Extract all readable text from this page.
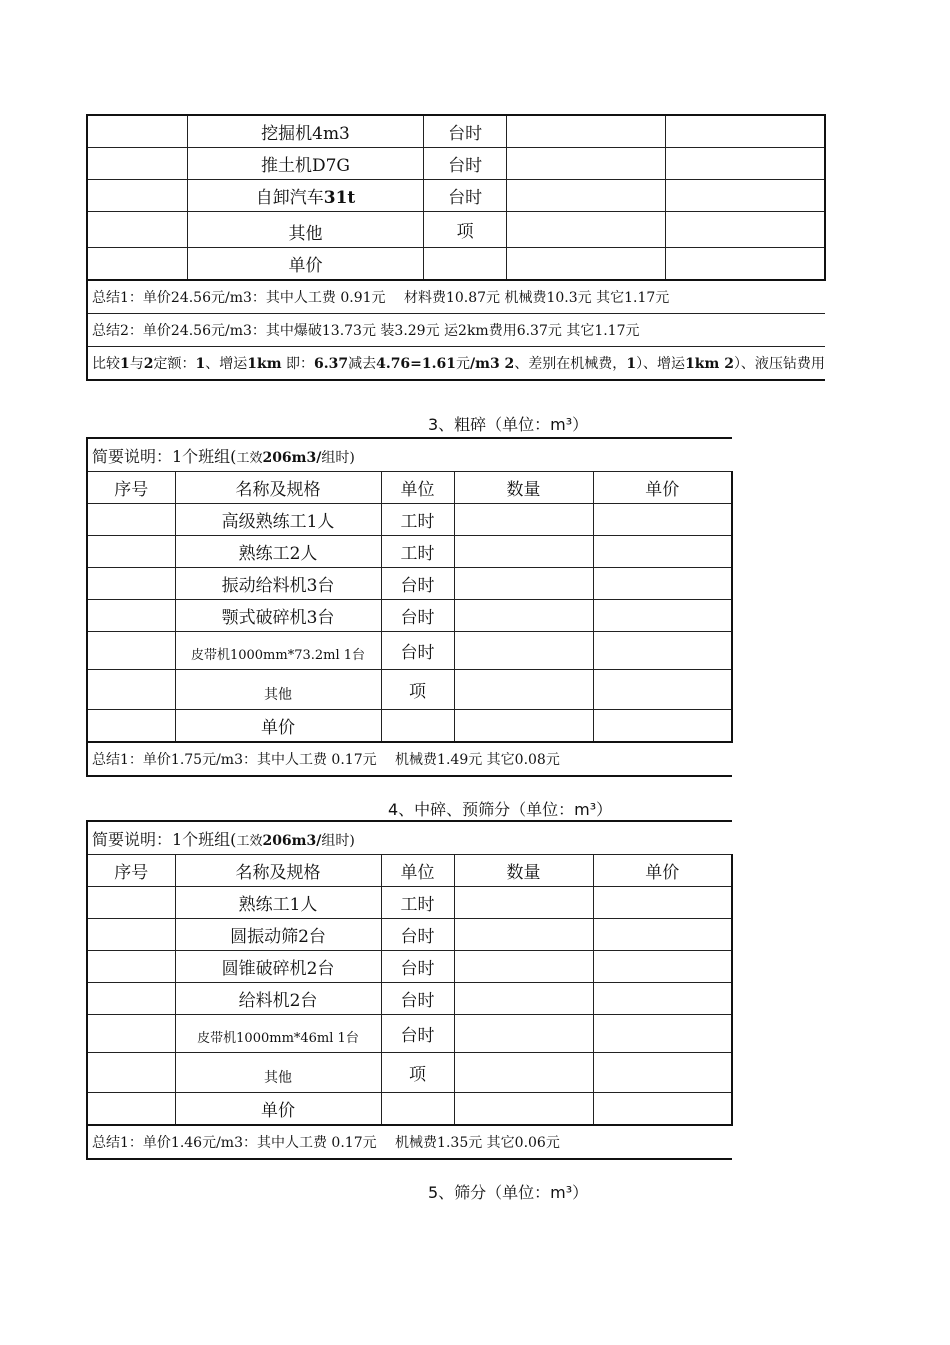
	挖掘机4m3	台时		
	推土机D7G	台时		
	自卸汽车31t	台时		
	其他	项		
	单价			
总结1：单价24.56元/m3：其中人工费 0.91元　 材料费10.87元 机械费10.3元 其它1.17元				
总结2：单价24.56元/m3：其中爆破13.73元 装3.29元 运2km费用6.37元 其它1.17元				
比较1与2定额：1、增运1km 即：6.37减去4.76=1.61元/m3 2、差别在机械费，1）、增运1km 2）、液压钻费用				
3、粗碎（单位：m³）
简要说明：1个班组(工效206m3/组时)				
序号	名称及规格	单位	数量	单价
	高级熟练工1人	工时		
	熟练工2人	工时		
	振动给料机3台	台时		
	颚式破碎机3台	台时		
	皮带机1000mm*73.2ml 1台	台时		
	其他	项		
	单价			
总结1：单价1.75元/m3：其中人工费 0.17元　 机械费1.49元 其它0.08元				
4、中碎、预筛分（单位：m³）
简要说明：1个班组(工效206m3/组时)				
序号	名称及规格	单位	数量	单价
	熟练工1人	工时		
	圆振动筛2台	台时		
	圆锥破碎机2台	台时		
	给料机2台	台时		
	皮带机1000mm*46ml 1台	台时		
	其他	项		
	单价			
总结1：单价1.46元/m3：其中人工费 0.17元　 机械费1.35元 其它0.06元				
5、筛分（单位：m³）
